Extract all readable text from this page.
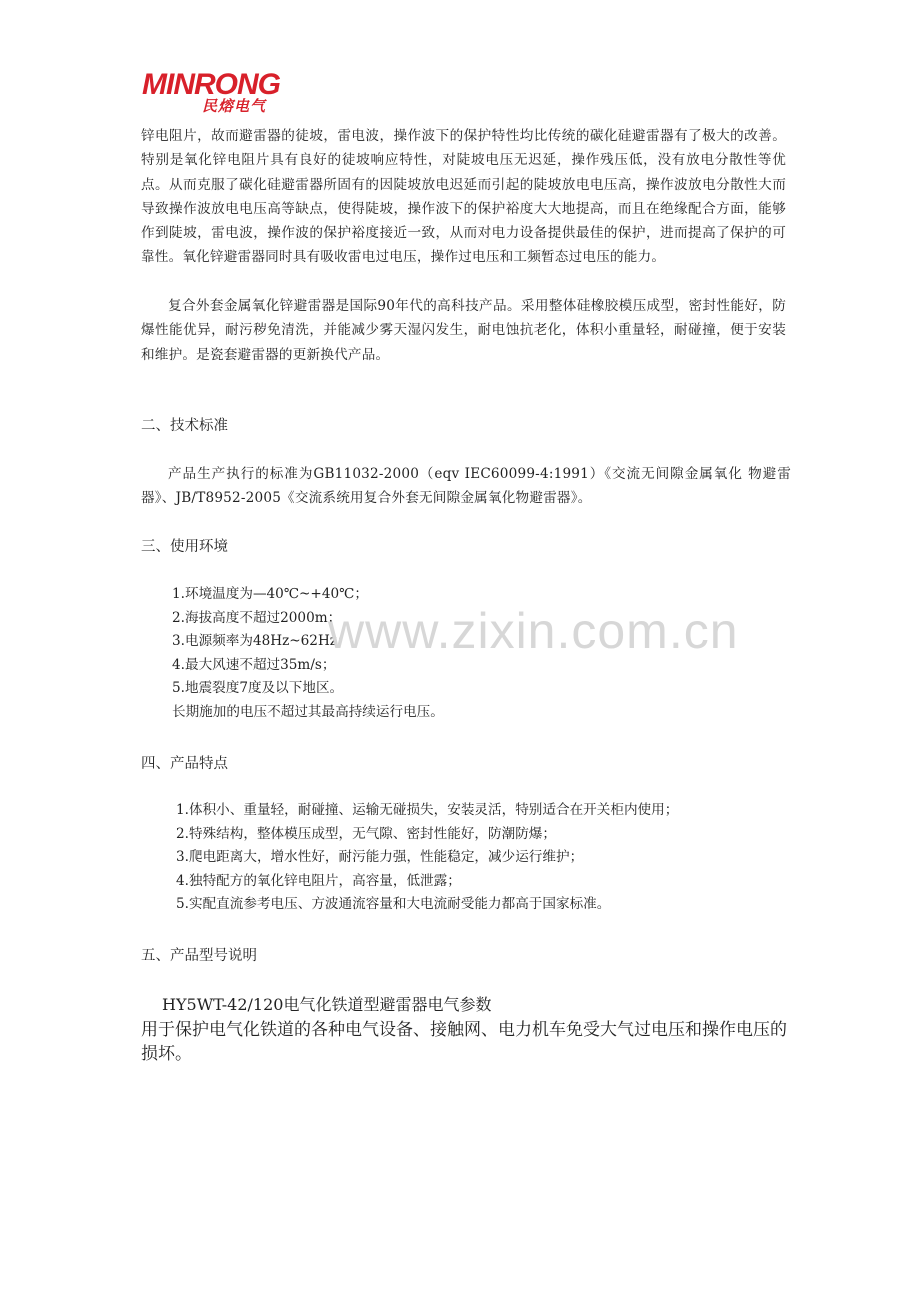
MINRONG
民熔电气

锌电阻片，故而避雷器的徒坡，雷电波，操作波下的保护特性均比传统的碳化硅避雷器有了极大的改善。特别是氧化锌电阻片具有良好的徒坡响应特性，对陡坡电压无迟延，操作残压低，没有放电分散性等优点。从而克服了碳化硅避雷器所固有的因陡坡放电迟延而引起的陡坡放电电压高，操作波放电分散性大而导致操作波放电电压高等缺点，使得陡坡，操作波下的保护裕度大大地提高，而且在绝缘配合方面，能够作到陡坡，雷电波，操作波的保护裕度接近一致，从而对电力设备提供最佳的保护，进而提高了保护的可靠性。氧化锌避雷器同时具有吸收雷电过电压，操作过电压和工频暂态过电压的能力。

复合外套金属氧化锌避雷器是国际90年代的高科技产品。采用整体硅橡胶模压成型，密封性能好，防爆性能优异，耐污秽免清洗，并能减少雾天湿闪发生，耐电蚀抗老化，体积小重量轻，耐碰撞，便于安装和维护。是瓷套避雷器的更新换代产品。

二、技术标准

产品生产执行的标准为GB11032-2000（eqv IEC60099-4:1991）《交流无间隙金属氧化 物避雷器》、JB/T8952-2005《交流系统用复合外套无间隙金属氧化物避雷器》。

三、使用环境
1.环境温度为—40℃~+40℃；
2.海拔高度不超过2000m；
3.电源频率为48Hz~62Hz；
4.最大风速不超过35m/s；
5.地震裂度7度及以下地区。
长期施加的电压不超过其最高持续运行电压。
www.zixin.com.cn
四、产品特点
1.体积小、重量轻，耐碰撞、运输无碰损失，安装灵活，特别适合在开关柜内使用；
2.特殊结构，整体模压成型，无气隙、密封性能好，防潮防爆；
3.爬电距离大，增水性好，耐污能力强，性能稳定，减少运行维护；
4.独特配方的氧化锌电阻片，高容量，低泄露；
5.实配直流参考电压、方波通流容量和大电流耐受能力都高于国家标准。
五、产品型号说明

HY5WT-42/120电气化铁道型避雷器电气参数

用于保护电气化铁道的各种电气设备、接触网、电力机车免受大气过电压和操作电压的损坏。
